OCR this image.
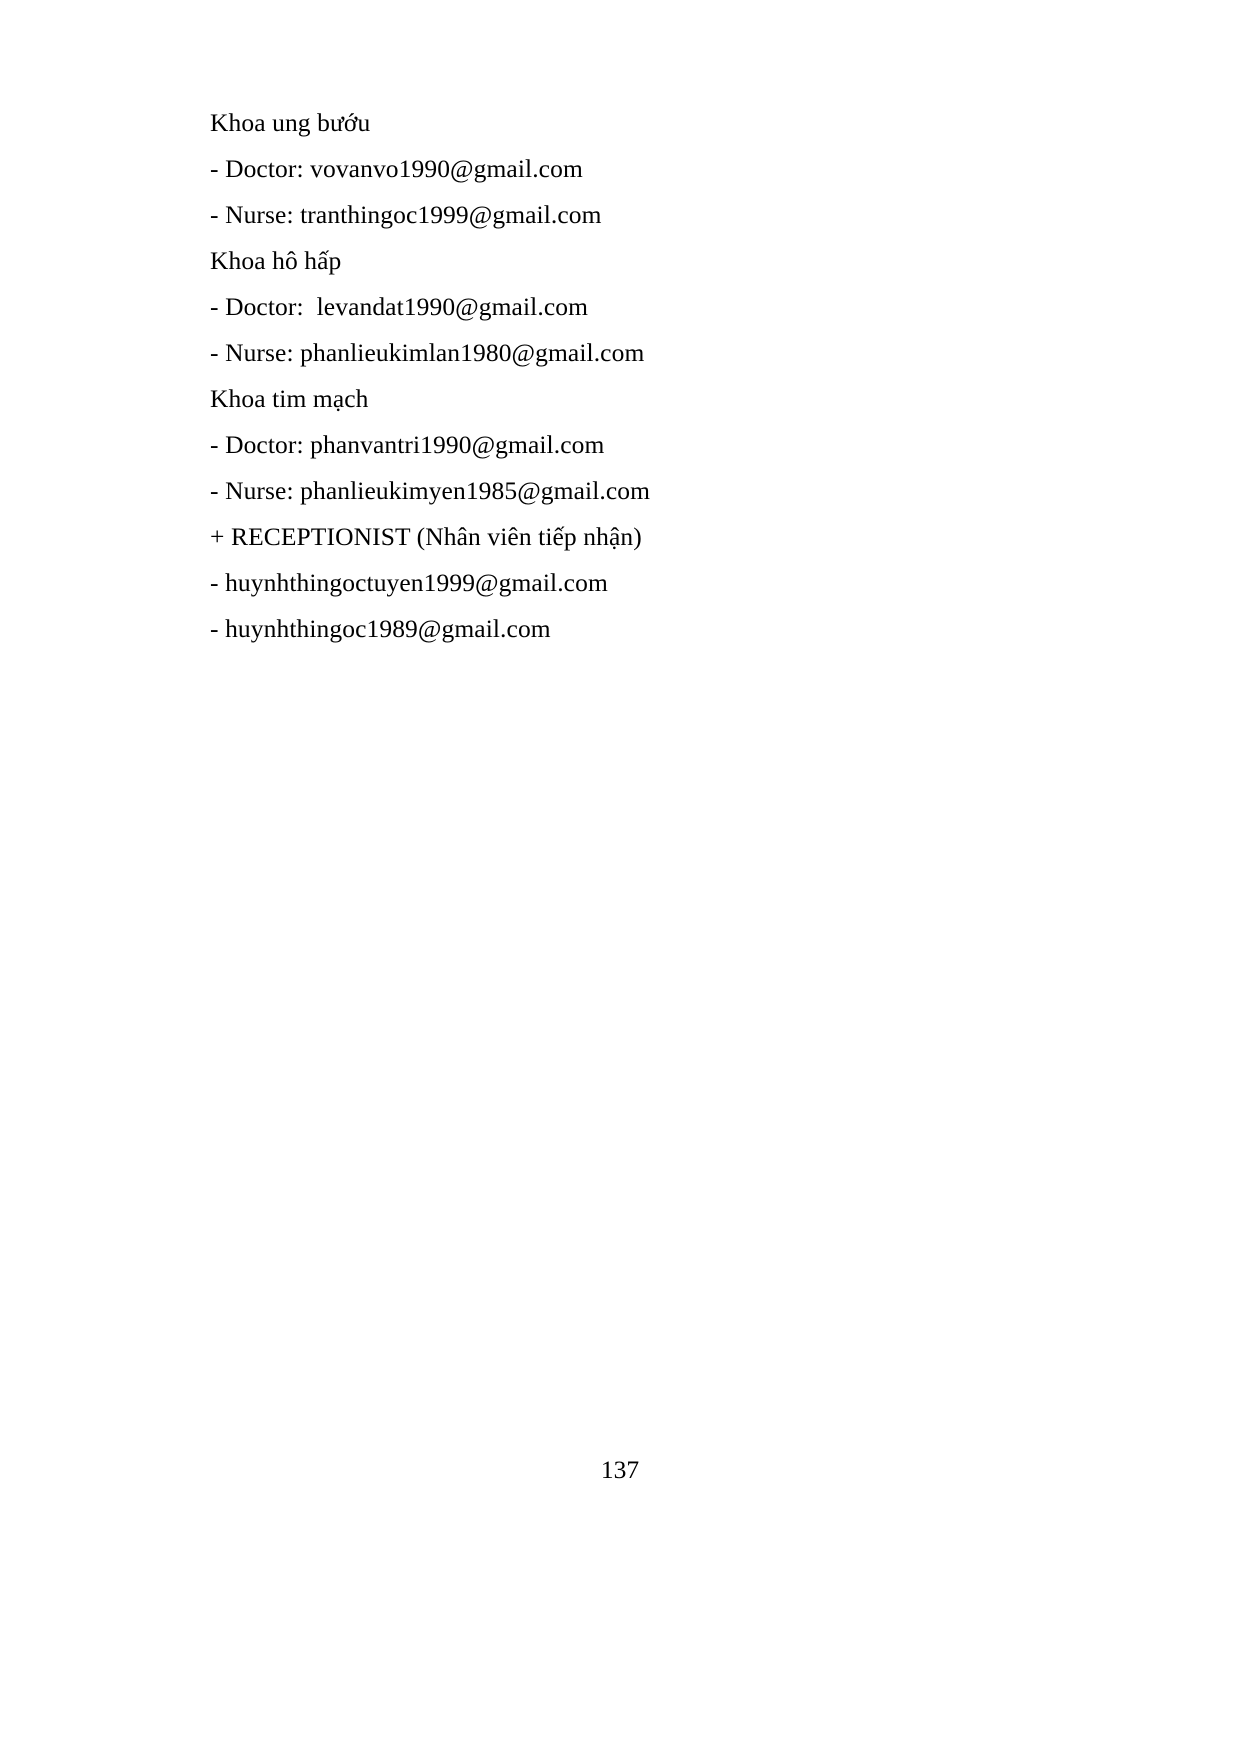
Khoa ung bướu
- Doctor: vovanvo1990@gmail.com
- Nurse: tranthingoc1999@gmail.com
Khoa hô hấp
- Doctor:  levandat1990@gmail.com
- Nurse: phanlieukimlan1980@gmail.com
Khoa tim mạch
- Doctor: phanvantri1990@gmail.com
- Nurse: phanlieukimyen1985@gmail.com
+ RECEPTIONIST (Nhân viên tiếp nhận)
- huynhthingoctuyen1999@gmail.com
- huynhthingoc1989@gmail.com
137
